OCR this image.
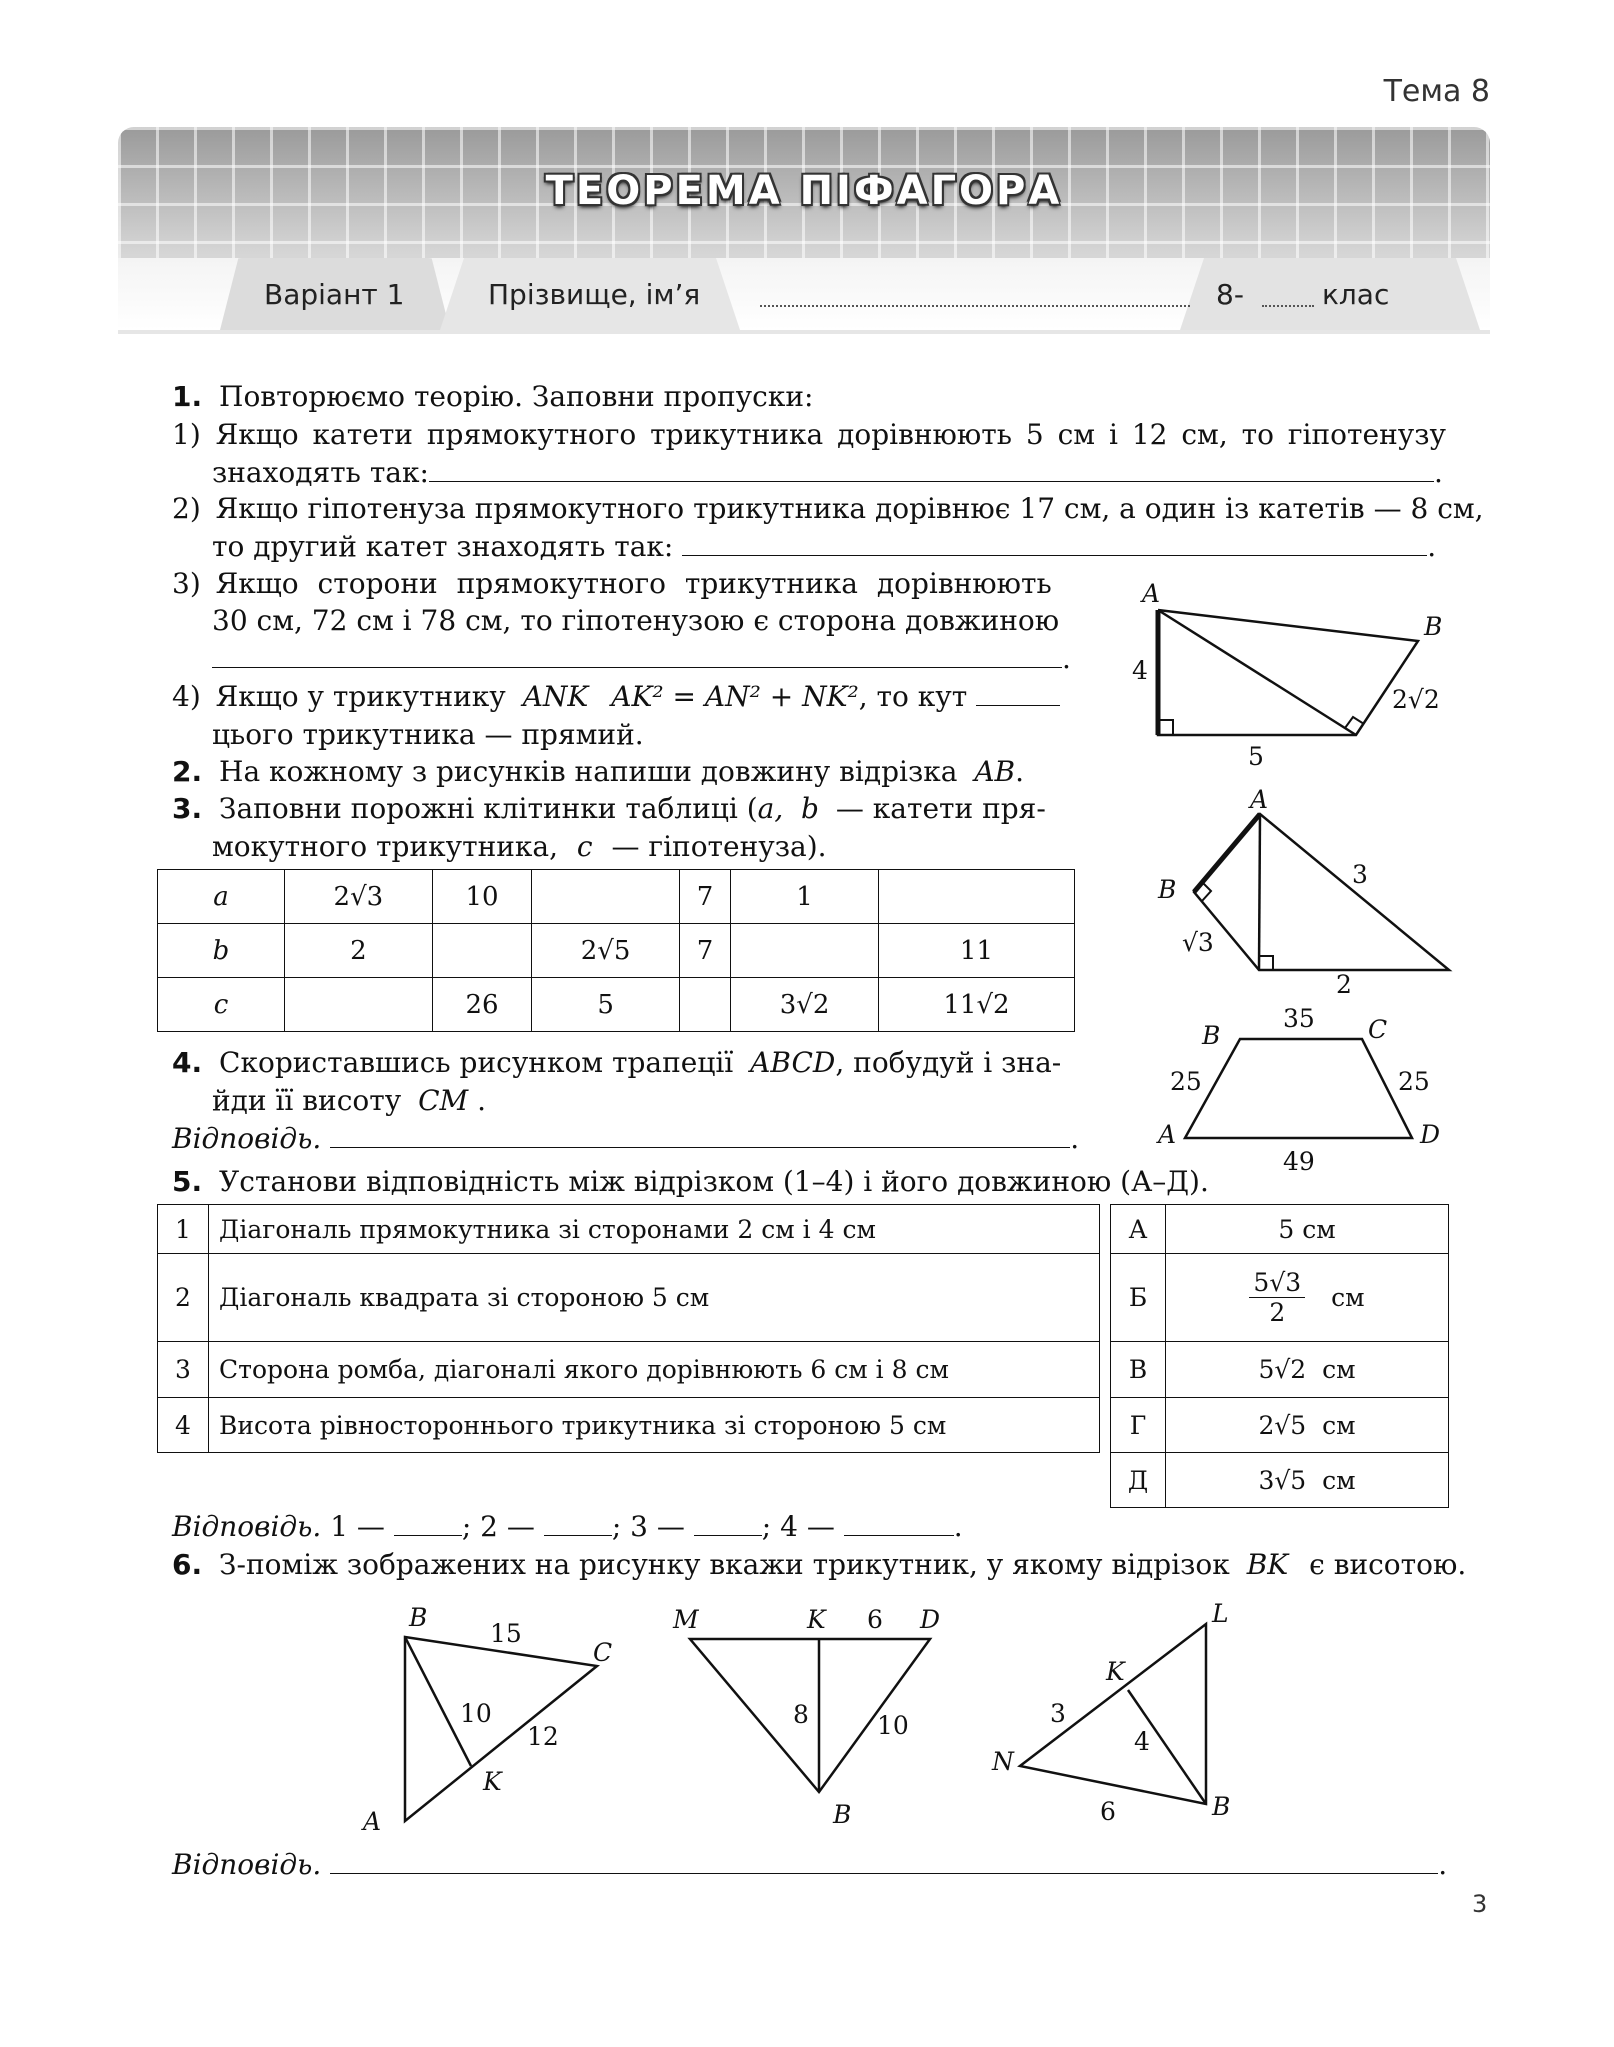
Тема 8
ТЕОРЕМА ПІФАГОРА
Варіант 1	Прізвище, ім’я	8-	клас
1. Повторюємо теорію. Заповни пропуски:
1) Якщо катети прямокутного трикутника дорівнюють 5 см і 12 см, то гіпотенузу
знаходять так:	.
2) Якщо гіпотенуза прямокутного трикутника дорівнює 17 см, а один із катетів — 8 см,
то другий катет знаходять так:	.
3) Якщо сторони прямокутного трикутника дорівнюють
30 см, 72 см і 78 см, то гіпотенузою є сторона довжиною
.
4) Якщо у трикутнику ANK AK² = AN² + NK², то кут
цього трикутника — прямий.
2. На кожному з рисунків напиши довжину відрізка AB.
3. Заповни порожні клітинки таблиці (a,  b — катети пря-
мокутного трикутника, c — гіпотенуза).
a	2√3	10		7	1	
b	2		2√5	7		11
c		26	5		3√2	11√2
4. Скориставшись рисунком трапеції ABCD, побудуй і зна-
йди її висоту CM .
Відповідь.	.
5. Установи відповідність між відрізком (1–4) і його довжиною (А–Д).
1	Діагональ прямокутника зі сторонами 2 см і 4 см
2	Діагональ квадрата зі стороною 5 см
3	Сторона ромба, діагоналі якого дорівнюють 6 см і 8 см
4	Висота рівностороннього трикутника зі стороною 5 см
А	5 см
Б	$\frac{5√3}{2}$ см
В	5√2  см
Г	2√5  см
Д	3√5  см
Відповідь. 1 —	; 2 —	; 3 —	; 4 —	.
6. З-поміж зображених на рисунку вкажи трикутник, у якому відрізок BK є висотою.
Відповідь.	.
3
A
B
4
5
2√2
A
B
3
√3
2
B	C
A	D
35
25	25
49
B
C
A
K
15
10
12
M	K	D
B
6
8	10
L
K
N
B
3
4
6
